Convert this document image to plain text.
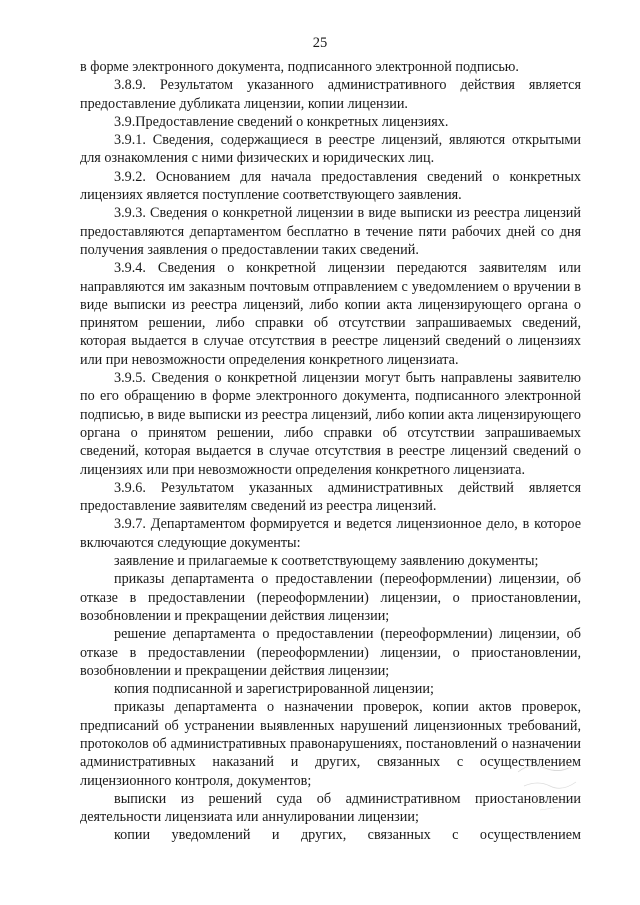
25

в форме электронного документа, подписанного электронной подписью.

3.8.9. Результатом указанного административного действия является предоставление дубликата лицензии, копии лицензии.

3.9.Предоставление сведений о конкретных лицензиях.

3.9.1. Сведения, содержащиеся в реестре лицензий, являются открытыми для ознакомления с ними физических и юридических лиц.

3.9.2. Основанием для начала предоставления сведений о конкретных лицензиях является поступление соответствующего заявления.

3.9.3. Сведения о конкретной лицензии в виде выписки из реестра лицензий предоставляются департаментом бесплатно в течение пяти рабочих дней со дня получения заявления о предоставлении таких сведений.

3.9.4. Сведения о конкретной лицензии передаются заявителям или направляются им заказным почтовым отправлением с уведомлением о вручении в виде выписки из реестра лицензий, либо копии акта лицензирующего органа о принятом решении, либо справки об отсутствии запрашиваемых сведений, которая выдается в случае отсутствия в реестре лицензий сведений о лицензиях или при невозможности определения конкретного лицензиата.

3.9.5. Сведения о конкретной лицензии могут быть направлены заявителю по его обращению в форме электронного документа, подписанного электронной подписью, в виде выписки из реестра лицензий, либо копии акта лицензирующего органа о принятом решении, либо справки об отсутствии запрашиваемых сведений, которая выдается в случае отсутствия в реестре лицензий сведений о лицензиях или при невозможности определения конкретного лицензиата.

3.9.6. Результатом указанных административных действий является предоставление заявителям сведений из реестра лицензий.

3.9.7. Департаментом формируется и ведется лицензионное дело, в которое включаются следующие документы:

заявление и прилагаемые к соответствующему заявлению документы;

приказы департамента о предоставлении (переоформлении) лицензии, об отказе в предоставлении (переоформлении) лицензии, о приостановлении, возобновлении и прекращении действия лицензии;

решение департамента о предоставлении (переоформлении) лицензии, об отказе в предоставлении (переоформлении) лицензии, о приостановлении, возобновлении и прекращении действия лицензии;

копия подписанной и зарегистрированной лицензии;

приказы департамента о назначении проверок, копии актов проверок, предписаний об устранении выявленных нарушений лицензионных требований, протоколов об административных правонарушениях, постановлений о назначении административных наказаний и других, связанных с осуществлением лицензионного контроля, документов;

выписки из решений суда об административном приостановлении деятельности лицензиата или аннулировании лицензии;

копии уведомлений и других, связанных с осуществлением
